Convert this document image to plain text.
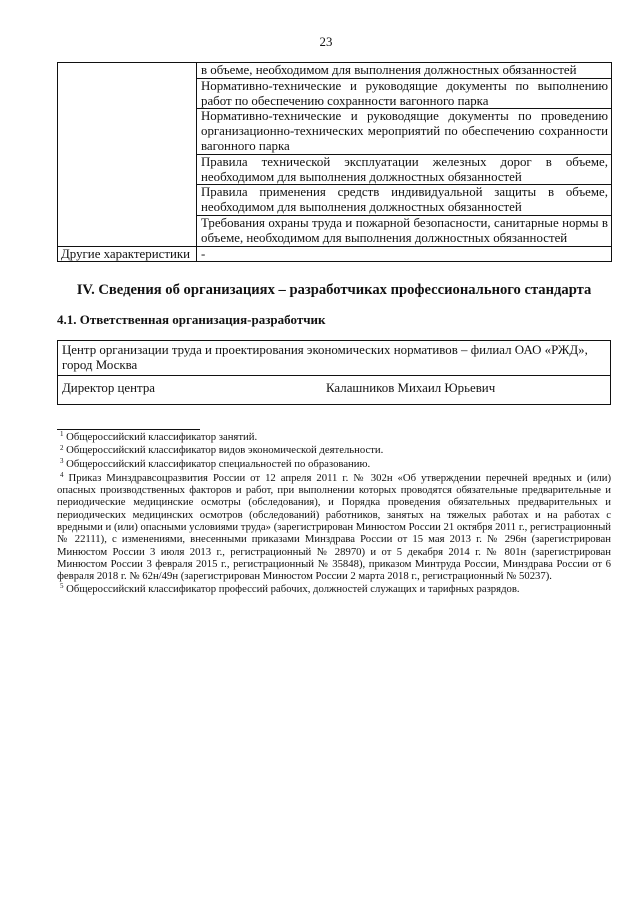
23
	в объеме, необходимом для выполнения должностных обязанностей
	Нормативно-технические и руководящие документы по выполнению работ по обеспечению сохранности вагонного парка
	Нормативно-технические и руководящие документы по проведению организационно-технических мероприятий по обеспечению сохранности вагонного парка
	Правила технической эксплуатации железных дорог в объеме, необходимом для выполнения должностных обязанностей
	Правила применения средств индивидуальной защиты в объеме, необходимом для выполнения должностных обязанностей
	Требования охраны труда и пожарной безопасности, санитарные нормы в объеме, необходимом для выполнения должностных обязанностей
Другие характеристики	-
IV. Сведения об организациях – разработчиках профессионального стандарта
4.1. Ответственная организация-разработчик
Центр организации труда и проектирования экономических нормативов – филиал ОАО «РЖД», город Москва
Директор центра	Калашников Михаил Юрьевич

$^1$ Общероссийский классификатор занятий.

$^2$ Общероссийский классификатор видов экономической деятельности.

$^3$ Общероссийский классификатор специальностей по образованию.

$^4$ Приказ Минздравсоцразвития России от 12 апреля 2011 г. № 302н «Об утверждении перечней вредных и (или) опасных производственных факторов и работ, при выполнении которых проводятся обязательные предварительные и периодические медицинские осмотры (обследования), и Порядка проведения обязательных предварительных и периодических медицинских осмотров (обследований) работников, занятых на тяжелых работах и на работах с вредными и (или) опасными условиями труда» (зарегистрирован Минюстом России 21 октября 2011 г., регистрационный № 22111), с изменениями, внесенными приказами Минздрава России от 15 мая 2013 г. № 296н (зарегистрирован Минюстом России 3 июля 2013 г., регистрационный № 28970) и от 5 декабря 2014 г. № 801н (зарегистрирован Минюстом России 3 февраля 2015 г., регистрационный № 35848), приказом Минтруда России, Минздрава России от 6 февраля 2018 г. № 62н/49н (зарегистрирован Минюстом России 2 марта 2018 г., регистрационный № 50237).

$^5$ Общероссийский классификатор профессий рабочих, должностей служащих и тарифных разрядов.
